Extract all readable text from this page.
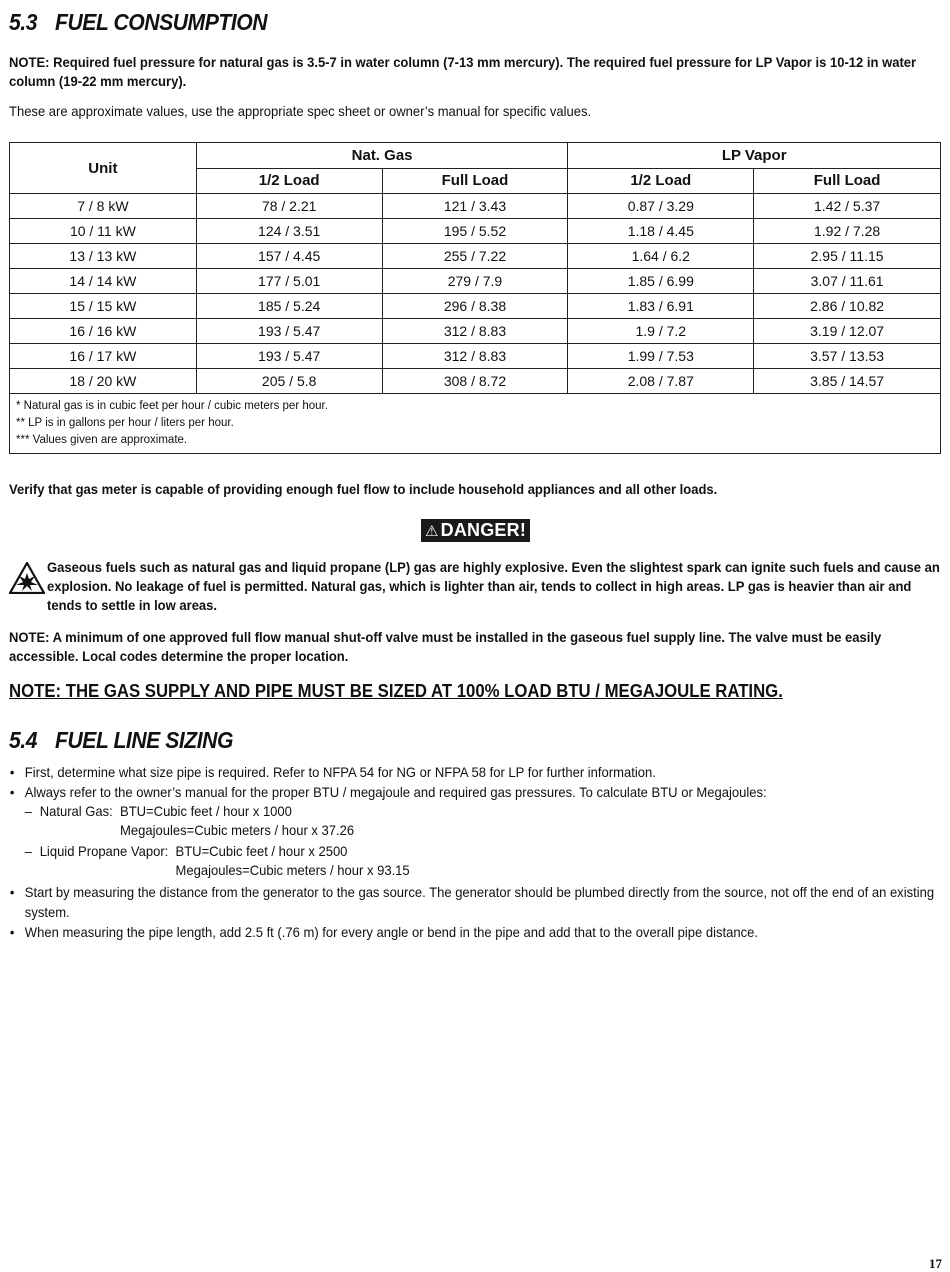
5.3 FUEL CONSUMPTION
NOTE: Required fuel pressure for natural gas is 3.5-7 in water column (7-13 mm mercury). The required fuel pressure for LP Vapor is 10-12 in water column (19-22 mm mercury).
These are approximate values, use the appropriate spec sheet or owner’s manual for specific values.
Unit	Nat. Gas		LP Vapor	
	1/2 Load	Full Load	1/2 Load	Full Load
7 / 8 kW	78 / 2.21	121 / 3.43	0.87 / 3.29	1.42 / 5.37
10 / 11 kW	124 / 3.51	195 / 5.52	1.18 / 4.45	1.92 / 7.28
13 / 13 kW	157 / 4.45	255 / 7.22	1.64 / 6.2	2.95 / 11.15
14 / 14 kW	177 / 5.01	279 / 7.9	1.85 / 6.99	3.07 / 11.61
15 / 15 kW	185 / 5.24	296 / 8.38	1.83 / 6.91	2.86 / 10.82
16 / 16 kW	193 / 5.47	312 / 8.83	1.9 / 7.2	3.19 / 12.07
16 / 17 kW	193 / 5.47	312 / 8.83	1.99 / 7.53	3.57 / 13.53
18 / 20 kW	205 / 5.8	308 / 8.72	2.08 / 7.87	3.85 / 14.57

* Natural gas is in cubic feet per hour / cubic meters per hour.
** LP is in gallons per hour / liters per hour.
*** Values given are approximate.				
Verify that gas meter is capable of providing enough fuel flow to include household appliances and all other loads.
⚠ DANGER!
Gaseous fuels such as natural gas and liquid propane (LP) gas are highly explosive. Even the slightest spark can ignite such fuels and cause an explosion. No leakage of fuel is permitted. Natural gas, which is lighter than air, tends to collect in high areas. LP gas is heavier than air and tends to settle in low areas.
NOTE: A minimum of one approved full flow manual shut-off valve must be installed in the gaseous fuel supply line. The valve must be easily accessible. Local codes determine the proper location.
NOTE: THE GAS SUPPLY AND PIPE MUST BE SIZED AT 100% LOAD BTU / MEGAJOULE RATING.
5.4 FUEL LINE SIZING
• First, determine what size pipe is required. Refer to NFPA 54 for NG or NFPA 58 for LP for further information.
• Always refer to the owner’s manual for the proper BTU / megajoule and required gas pressures. To calculate BTU or Megajoules:
– Natural Gas: BTU=Cubic feet / hour x 1000
Megajoules=Cubic meters / hour x 37.26
– Liquid Propane Vapor: BTU=Cubic feet / hour x 2500
Megajoules=Cubic meters / hour x 93.15
• Start by measuring the distance from the generator to the gas source. The generator should be plumbed directly from the source, not off the end of an existing system.
• When measuring the pipe length, add 2.5 ft (.76 m) for every angle or bend in the pipe and add that to the overall pipe distance.
17
